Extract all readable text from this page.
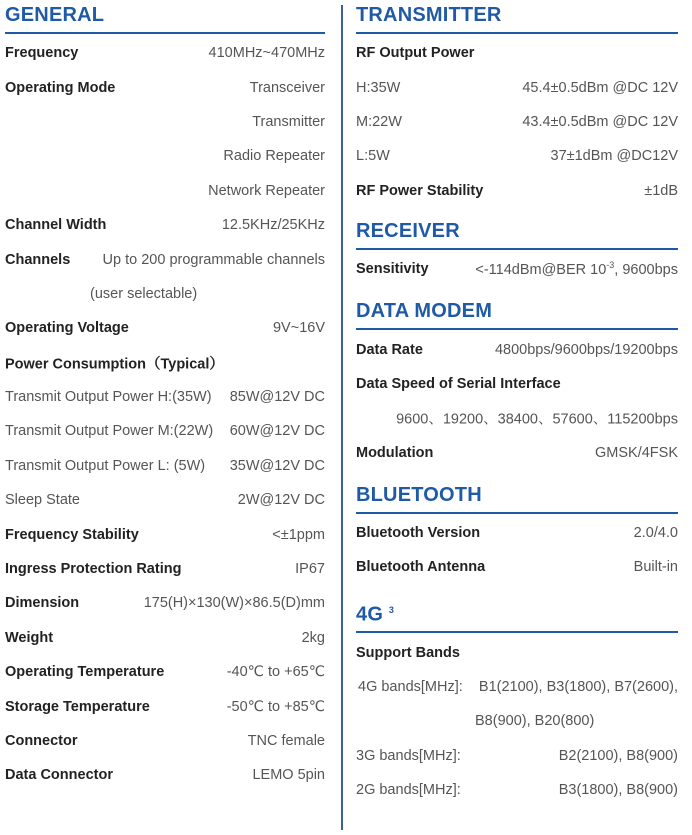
GENERAL
Frequency	410MHz~470MHz
Operating Mode	Transceiver
Transmitter
Radio Repeater
Network Repeater
Channel Width	12.5KHz/25KHz
Channels Up to 200 programmable channels
(user selectable)
Operating Voltage	9V~16V
Power Consumption（Typical）
Transmit Output Power H:(35W) 85W@12V DC
Transmit Output Power M:(22W) 60W@12V DC
Transmit Output Power L: (5W) 35W@12V DC
Sleep State	2W@12V DC
Frequency Stability	<±1ppm
Ingress Protection Rating	IP67
Dimension	175(H)×130(W)×86.5(D)mm
Weight	2kg
Operating Temperature	-40℃ to +65℃
Storage Temperature	-50℃ to +85℃
Connector	TNC female
Data Connector	LEMO 5pin
TRANSMITTER
RF Output Power
H:35W	45.4±0.5dBm @DC 12V
M:22W	43.4±0.5dBm @DC 12V
L:5W	37±1dBm @DC12V
RF Power Stability	±1dB
RECEIVER
Sensitivity	<-114dBm@BER $10^{-3}$, 9600bps
DATA MODEM
Data Rate	4800bps/9600bps/19200bps
Data Speed of Serial Interface
9600、19200、38400、57600、115200bps
Modulation	GMSK/4FSK
BLUETOOTH
Bluetooth Version	2.0/4.0
Bluetooth Antenna	Built-in
4G $^3$
Support Bands
4G bands[MHz]: B1(2100), B3(1800), B7(2600),
B8(900), B20(800)
3G bands[MHz]:	B2(2100), B8(900)
2G bands[MHz]:	B3(1800), B8(900)
